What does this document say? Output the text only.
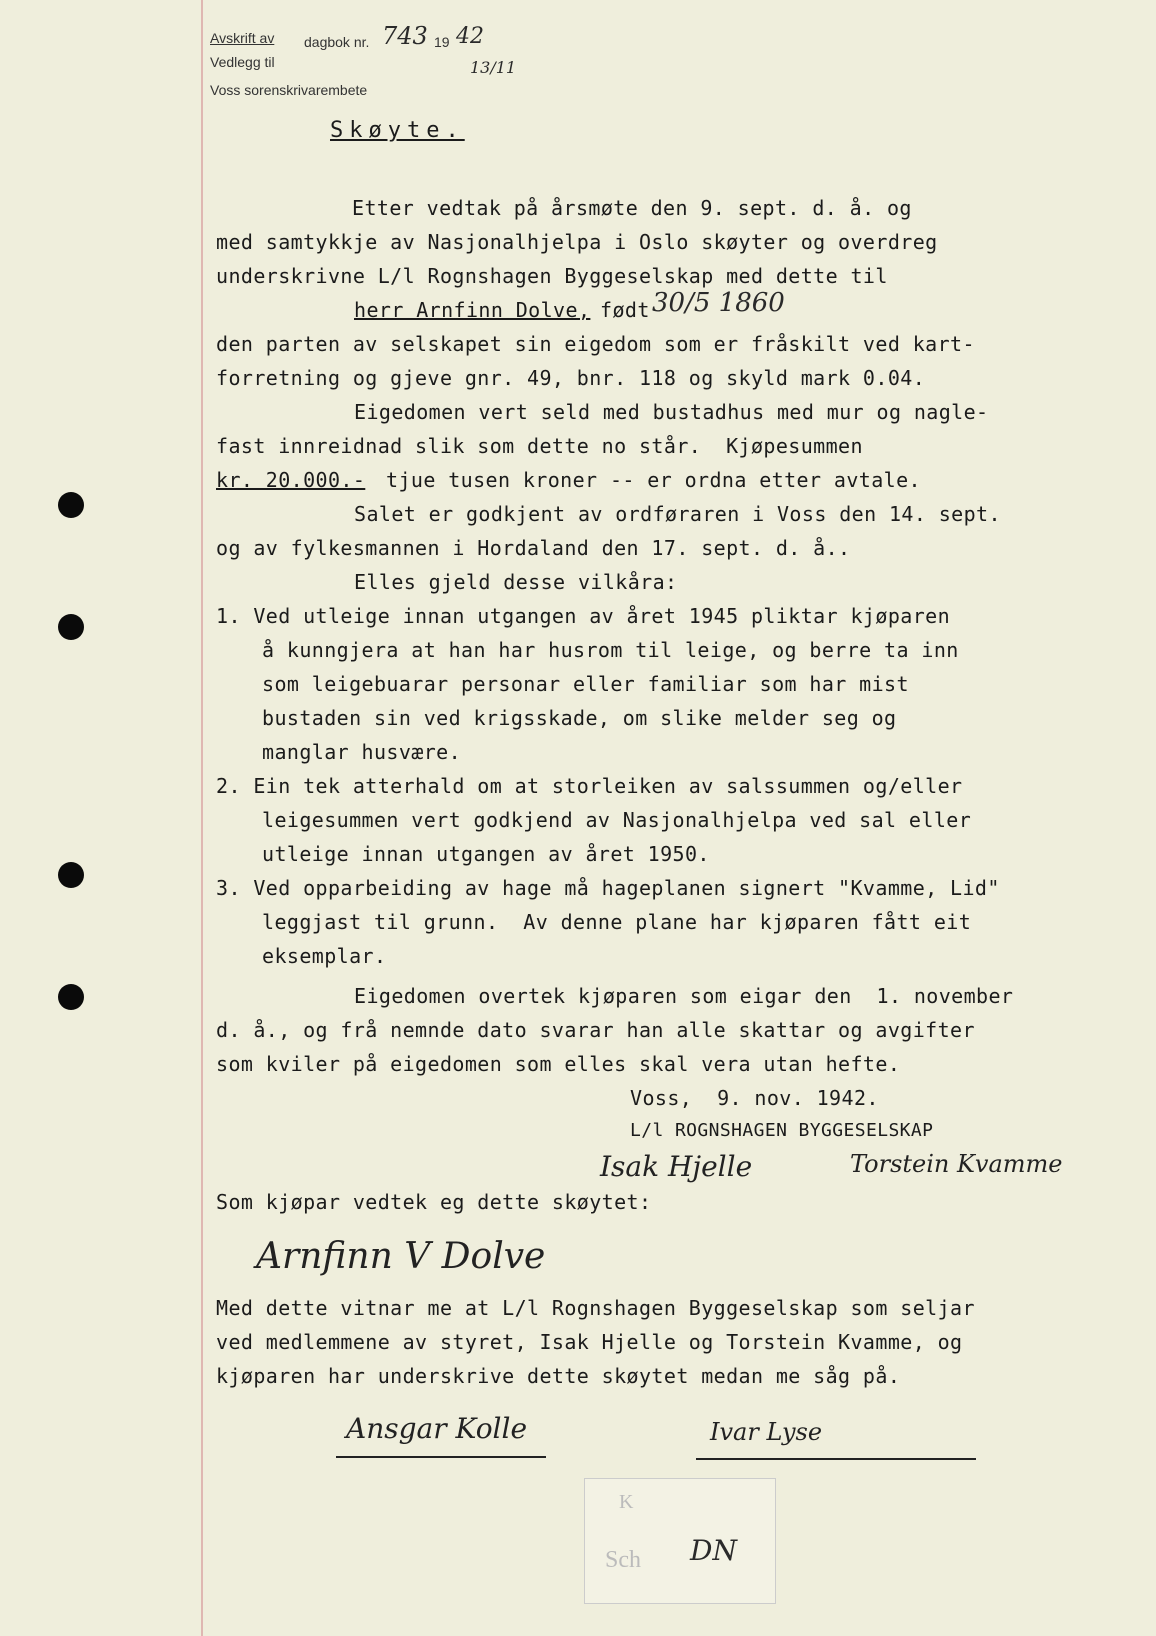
Avskrift av
Vedlegg til
dagbok nr. 743 19 42
Voss sorenskrivarembete
13/11
Skøyte.
Etter vedtak på årsmøte den 9. sept. d. å. og
med samtykkje av Nasjonalhjelpa i Oslo skøyter og overdreg
underskrivne L/l Rognshagen Byggeselskap med dette til
herr Arnfinn Dolve, født 30/5 1860
den parten av selskapet sin eigedom som er fråskilt ved kart-
forretning og gjeve gnr. 49, bnr. 118 og skyld mark 0.04.
Eigedomen vert seld med bustadhus med mur og nagle-
fast innreidnad slik som dette no står.  Kjøpesummen
kr. 20.000.- tjue tusen kroner -- er ordna etter avtale.
Salet er godkjent av ordføraren i Voss den 14. sept.
og av fylkesmannen i Hordaland den 17. sept. d. å..
Elles gjeld desse vilkåra:
1. Ved utleige innan utgangen av året 1945 pliktar kjøparen
å kunngjera at han har husrom til leige, og berre ta inn
som leigebuarar personar eller familiar som har mist
bustaden sin ved krigsskade, om slike melder seg og
manglar husvære.
2. Ein tek atterhald om at storleiken av salssummen og/eller
leigesummen vert godkjend av Nasjonalhjelpa ved sal eller
utleige innan utgangen av året 1950.
3. Ved opparbeiding av hage må hageplanen signert "Kvamme, Lid"
leggjast til grunn.  Av denne plane har kjøparen fått eit
eksemplar.
Eigedomen overtek kjøparen som eigar den  1. november
d. å., og frå nemnde dato svarar han alle skattar og avgifter
som kviler på eigedomen som elles skal vera utan hefte.
Voss,  9. nov. 1942.
L/l ROGNSHAGEN BYGGESELSKAP
Isak Hjelle	Torstein Kvamme
Som kjøpar vedtek eg dette skøytet:
Arnfinn V Dolve
Med dette vitnar me at L/l Rognshagen Byggeselskap som seljar
ved medlemmene av styret, Isak Hjelle og Torstein Kvamme, og
kjøparen har underskrive dette skøytet medan me såg på.
Ansgar Kolle	Ivar Lyse
K
Sch DN
